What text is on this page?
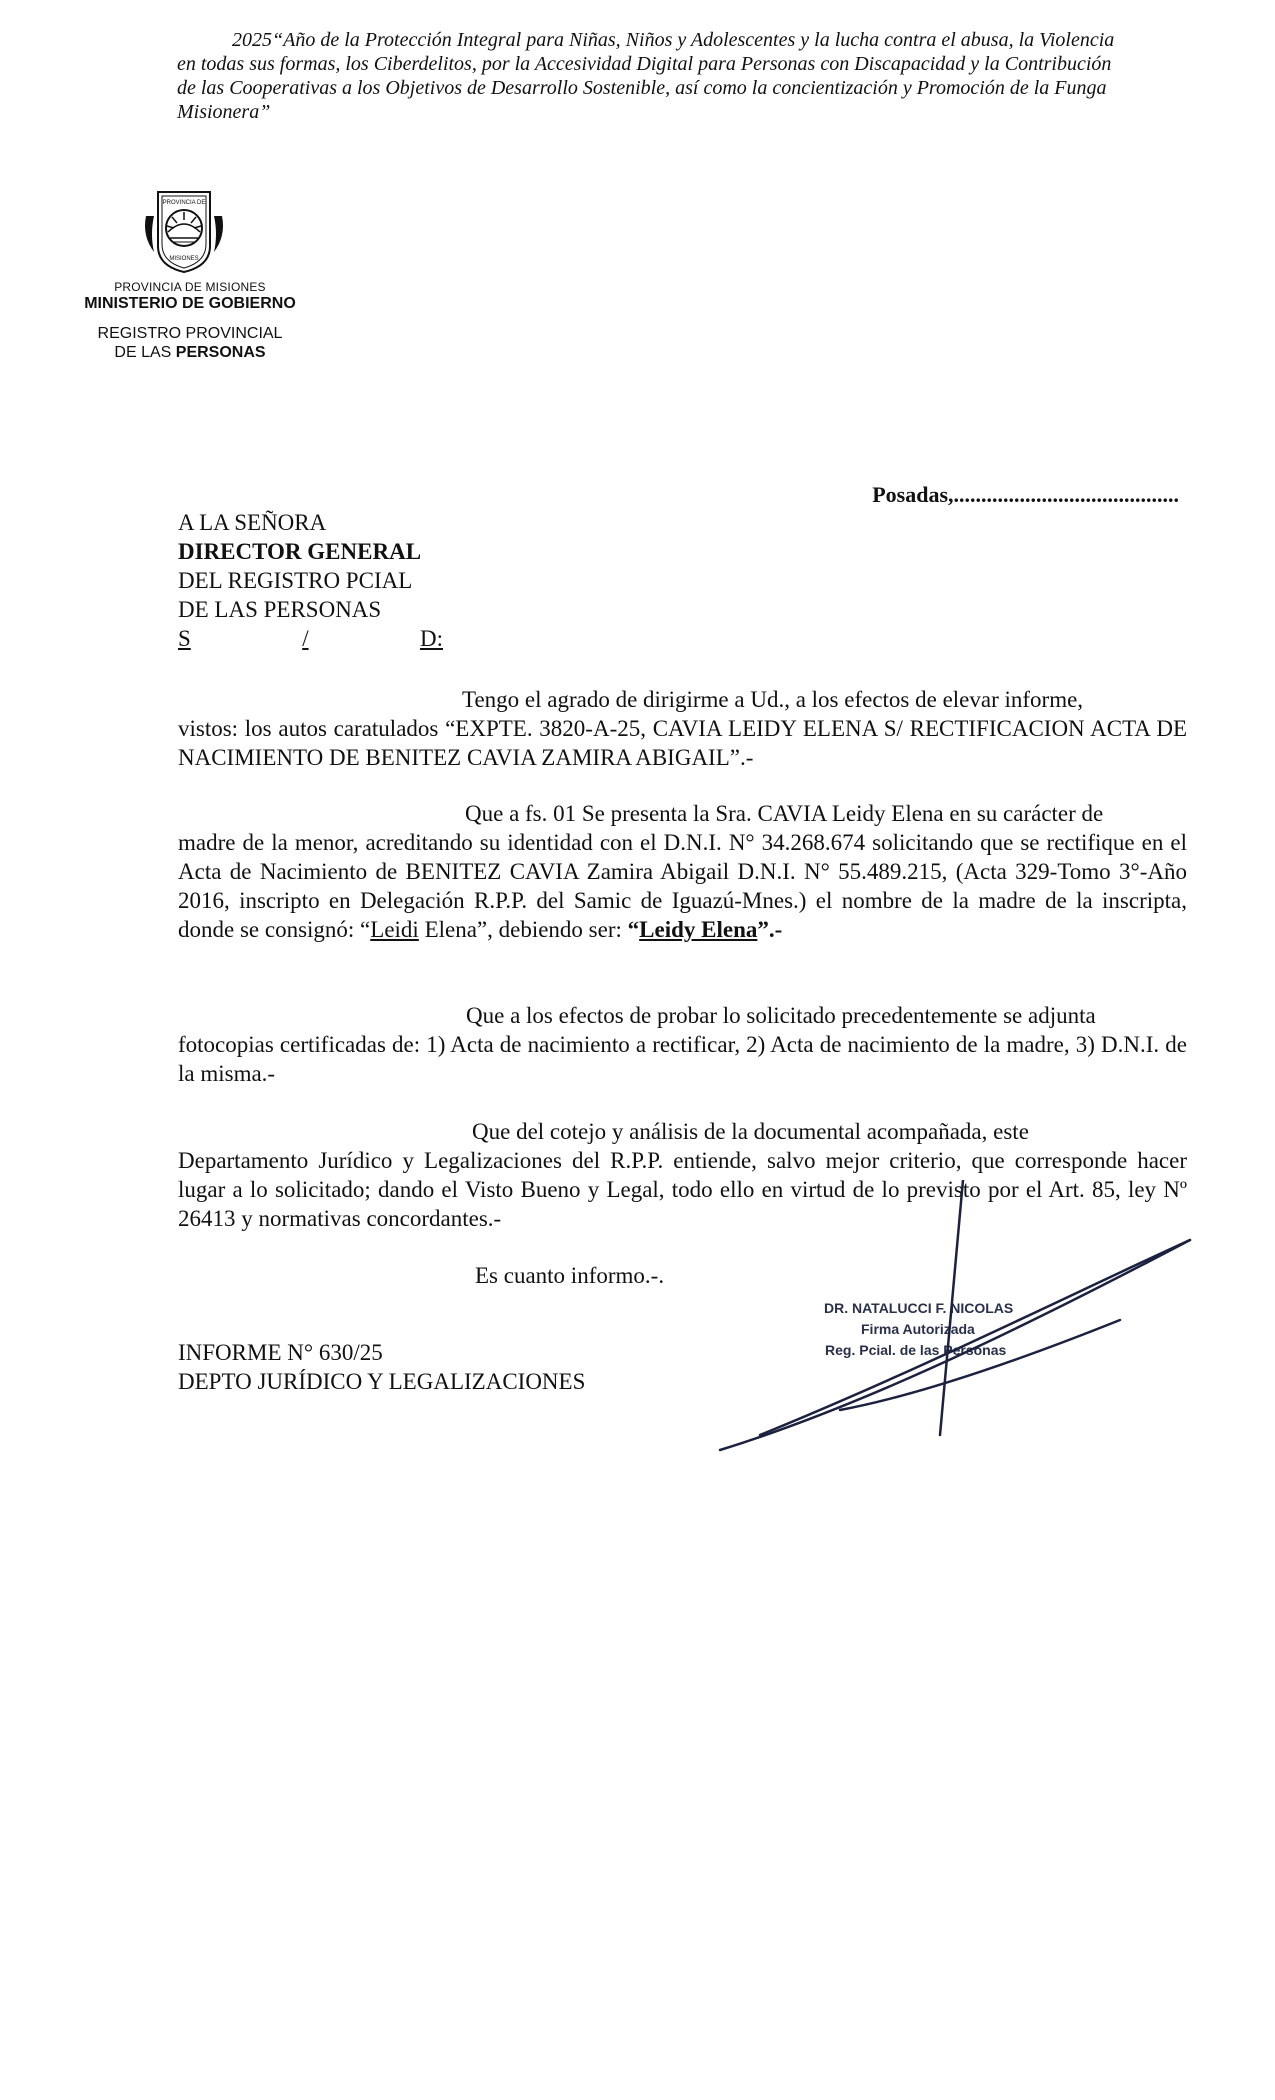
2025“Año de la Protección Integral para Niñas, Niños y Adolescentes y la lucha contra el abusa, la Violencia
en todas sus formas, los Ciberdelitos, por la Accesividad Digital para Personas con Discapacidad y la Contribución
de las Cooperativas a los Objetivos de Desarrollo Sostenible, así como la concientización y Promoción de la Funga
Misionera”
PROVINCIA DE
MISIONES
PROVINCIA DE MISIONES
MINISTERIO DE GOBIERNO
REGISTRO PROVINCIAL
DE LAS PERSONAS
Posadas,.........................................
A LA SEÑORA
DIRECTOR GENERAL
DEL REGISTRO PCIAL
DE LAS PERSONAS
S	/	D:
Tengo el agrado de dirigirme a Ud., a los efectos de elevar informe,
vistos: los autos caratulados “EXPTE. 3820-A-25, CAVIA LEIDY ELENA S/ RECTIFICACION ACTA DE NACIMIENTO DE BENITEZ CAVIA ZAMIRA ABIGAIL”.-
Que a fs. 01 Se presenta la Sra. CAVIA Leidy Elena en su carácter de
madre de la menor, acreditando su identidad con el D.N.I. N° 34.268.674 solicitando que se rectifique en el Acta de Nacimiento de BENITEZ CAVIA Zamira Abigail D.N.I. N° 55.489.215, (Acta 329-Tomo 3°-Año 2016, inscripto en Delegación R.P.P. del Samic de Iguazú-Mnes.) el nombre de la madre de la inscripta, donde se consignó: “Leidi Elena”, debiendo ser: “Leidy Elena”.-
Que a los efectos de probar lo solicitado precedentemente se adjunta
fotocopias certificadas de: 1) Acta de nacimiento a rectificar, 2) Acta de nacimiento de la madre, 3) D.N.I. de la misma.-
Que del cotejo y análisis de la documental acompañada, este
Departamento Jurídico y Legalizaciones del R.P.P. entiende, salvo mejor criterio, que corresponde hacer lugar a lo solicitado; dando el Visto Bueno y Legal, todo ello en virtud de lo previsto por el Art. 85, ley Nº 26413 y normativas concordantes.-
Es cuanto informo.-.
INFORME N° 630/25
DEPTO JURÍDICO Y LEGALIZACIONES
DR. NATALUCCI F. NICOLAS
Firma Autorizada
Reg. Pcial. de las Personas
